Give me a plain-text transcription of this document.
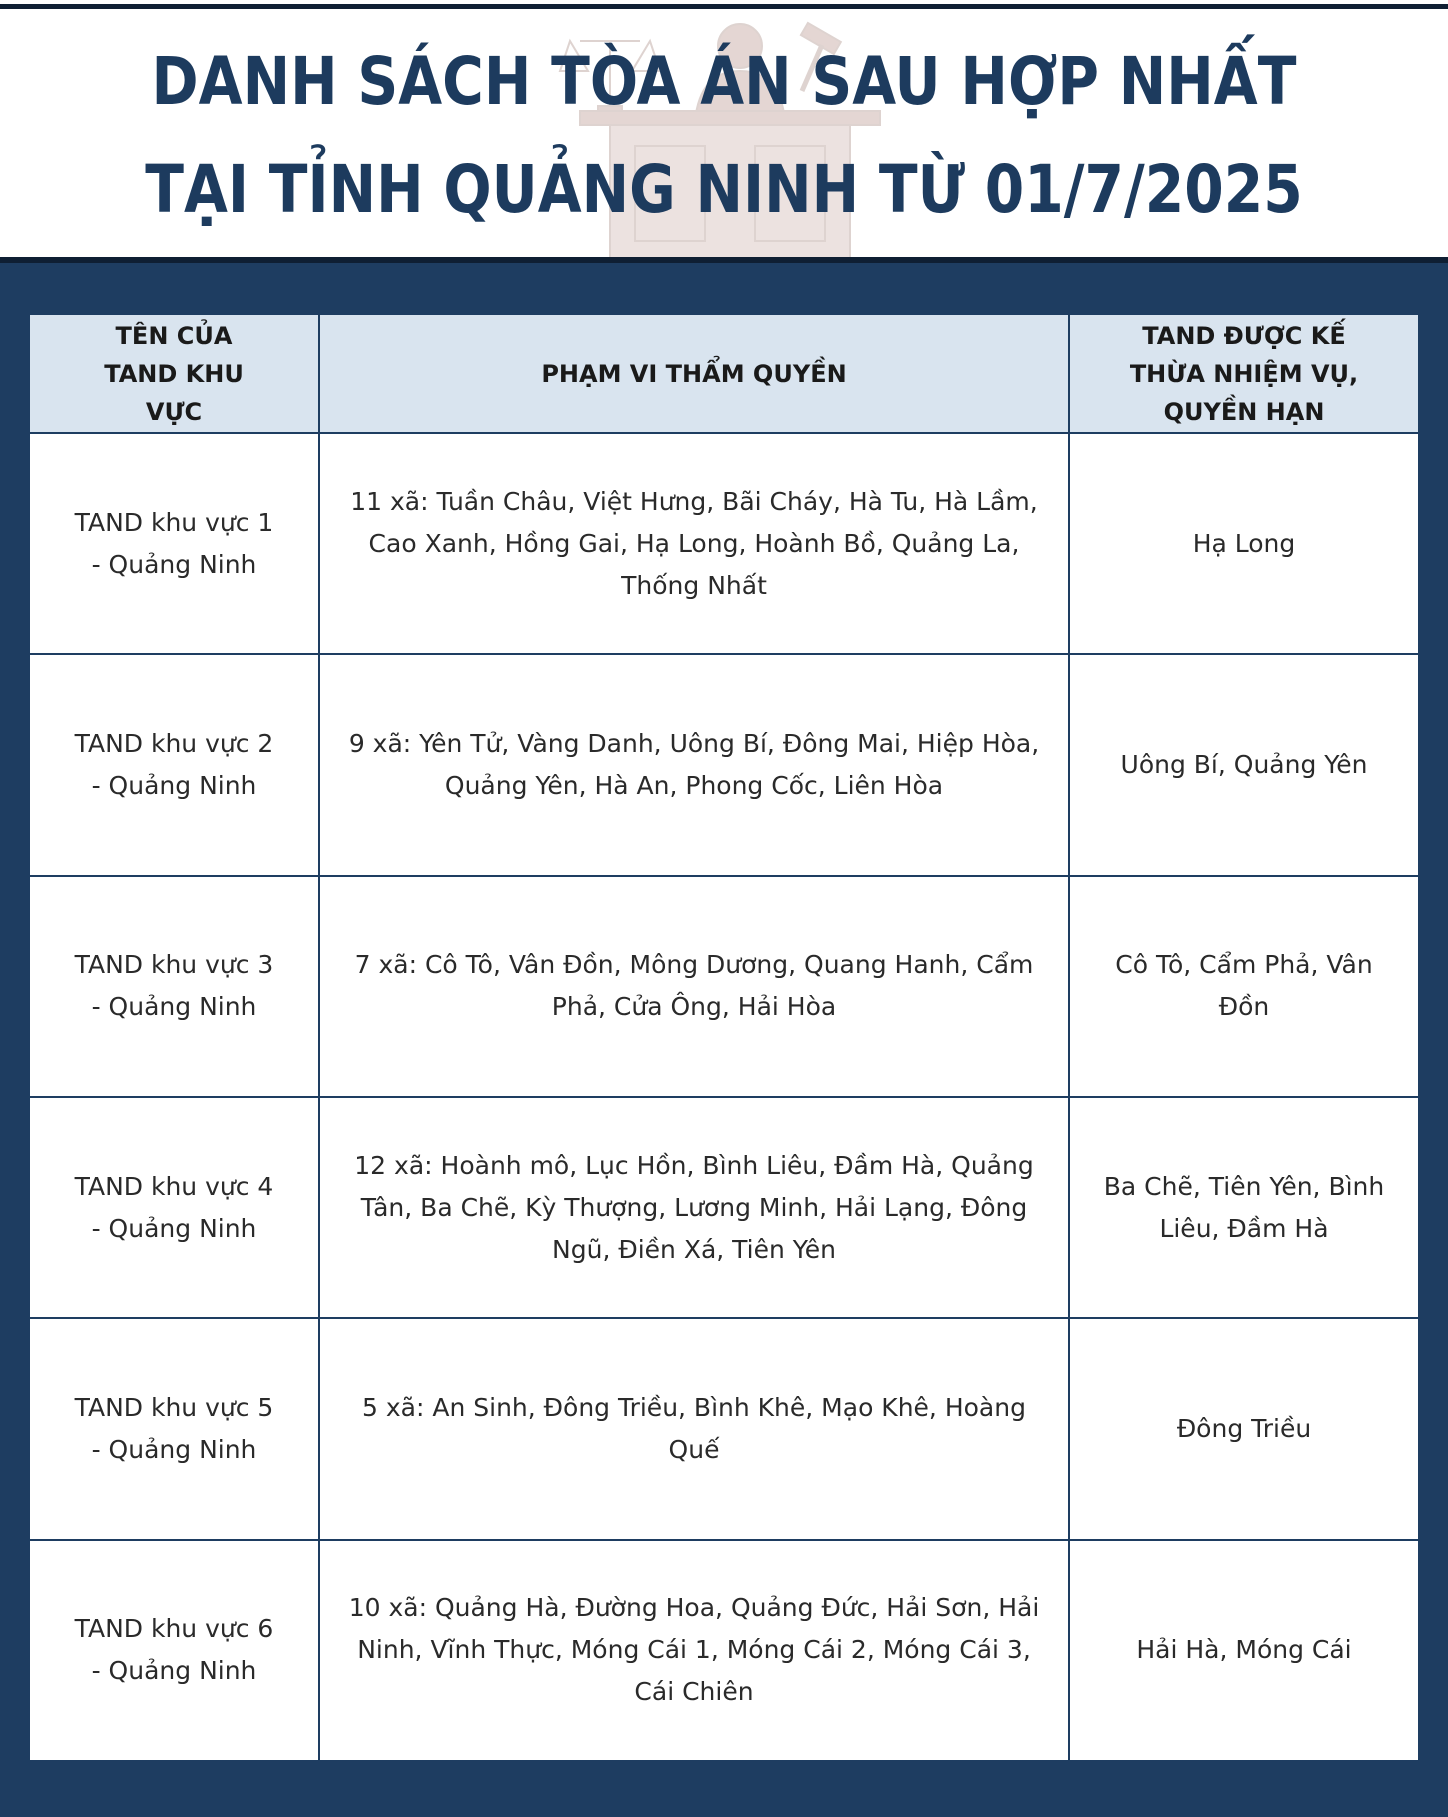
DANH SÁCH TÒA ÁN SAU HỢP NHẤT
TẠI TỈNH QUẢNG NINH TỪ 01/7/2025
TÊN CỦA TAND KHU VỰC	PHẠM VI THẨM QUYỀN	TAND ĐƯỢC KẾ THỪA NHIỆM VỤ, QUYỀN HẠN
TAND khu vực 1 - Quảng Ninh	11 xã: Tuần Châu, Việt Hưng, Bãi Cháy, Hà Tu, Hà Lầm, Cao Xanh, Hồng Gai, Hạ Long, Hoành Bồ, Quảng La, Thống Nhất	Hạ Long
TAND khu vực 2 - Quảng Ninh	9 xã: Yên Tử, Vàng Danh, Uông Bí, Đông Mai, Hiệp Hòa, Quảng Yên, Hà An, Phong Cốc, Liên Hòa	Uông Bí, Quảng Yên
TAND khu vực 3 - Quảng Ninh	7 xã: Cô Tô, Vân Đồn, Mông Dương, Quang Hanh, Cẩm Phả, Cửa Ông, Hải Hòa	Cô Tô, Cẩm Phả, Vân Đồn
TAND khu vực 4 - Quảng Ninh	12 xã: Hoành mô, Lục Hồn, Bình Liêu, Đầm Hà, Quảng Tân, Ba Chẽ, Kỳ Thượng, Lương Minh, Hải Lạng, Đông Ngũ, Điền Xá, Tiên Yên	Ba Chẽ, Tiên Yên, Bình Liêu, Đầm Hà
TAND khu vực 5 - Quảng Ninh	5 xã: An Sinh, Đông Triều, Bình Khê, Mạo Khê, Hoàng Quế	Đông Triều
TAND khu vực 6 - Quảng Ninh	10 xã: Quảng Hà, Đường Hoa, Quảng Đức, Hải Sơn, Hải Ninh, Vĩnh Thực, Móng Cái 1, Móng Cái 2, Móng Cái 3, Cái Chiên	Hải Hà, Móng Cái
